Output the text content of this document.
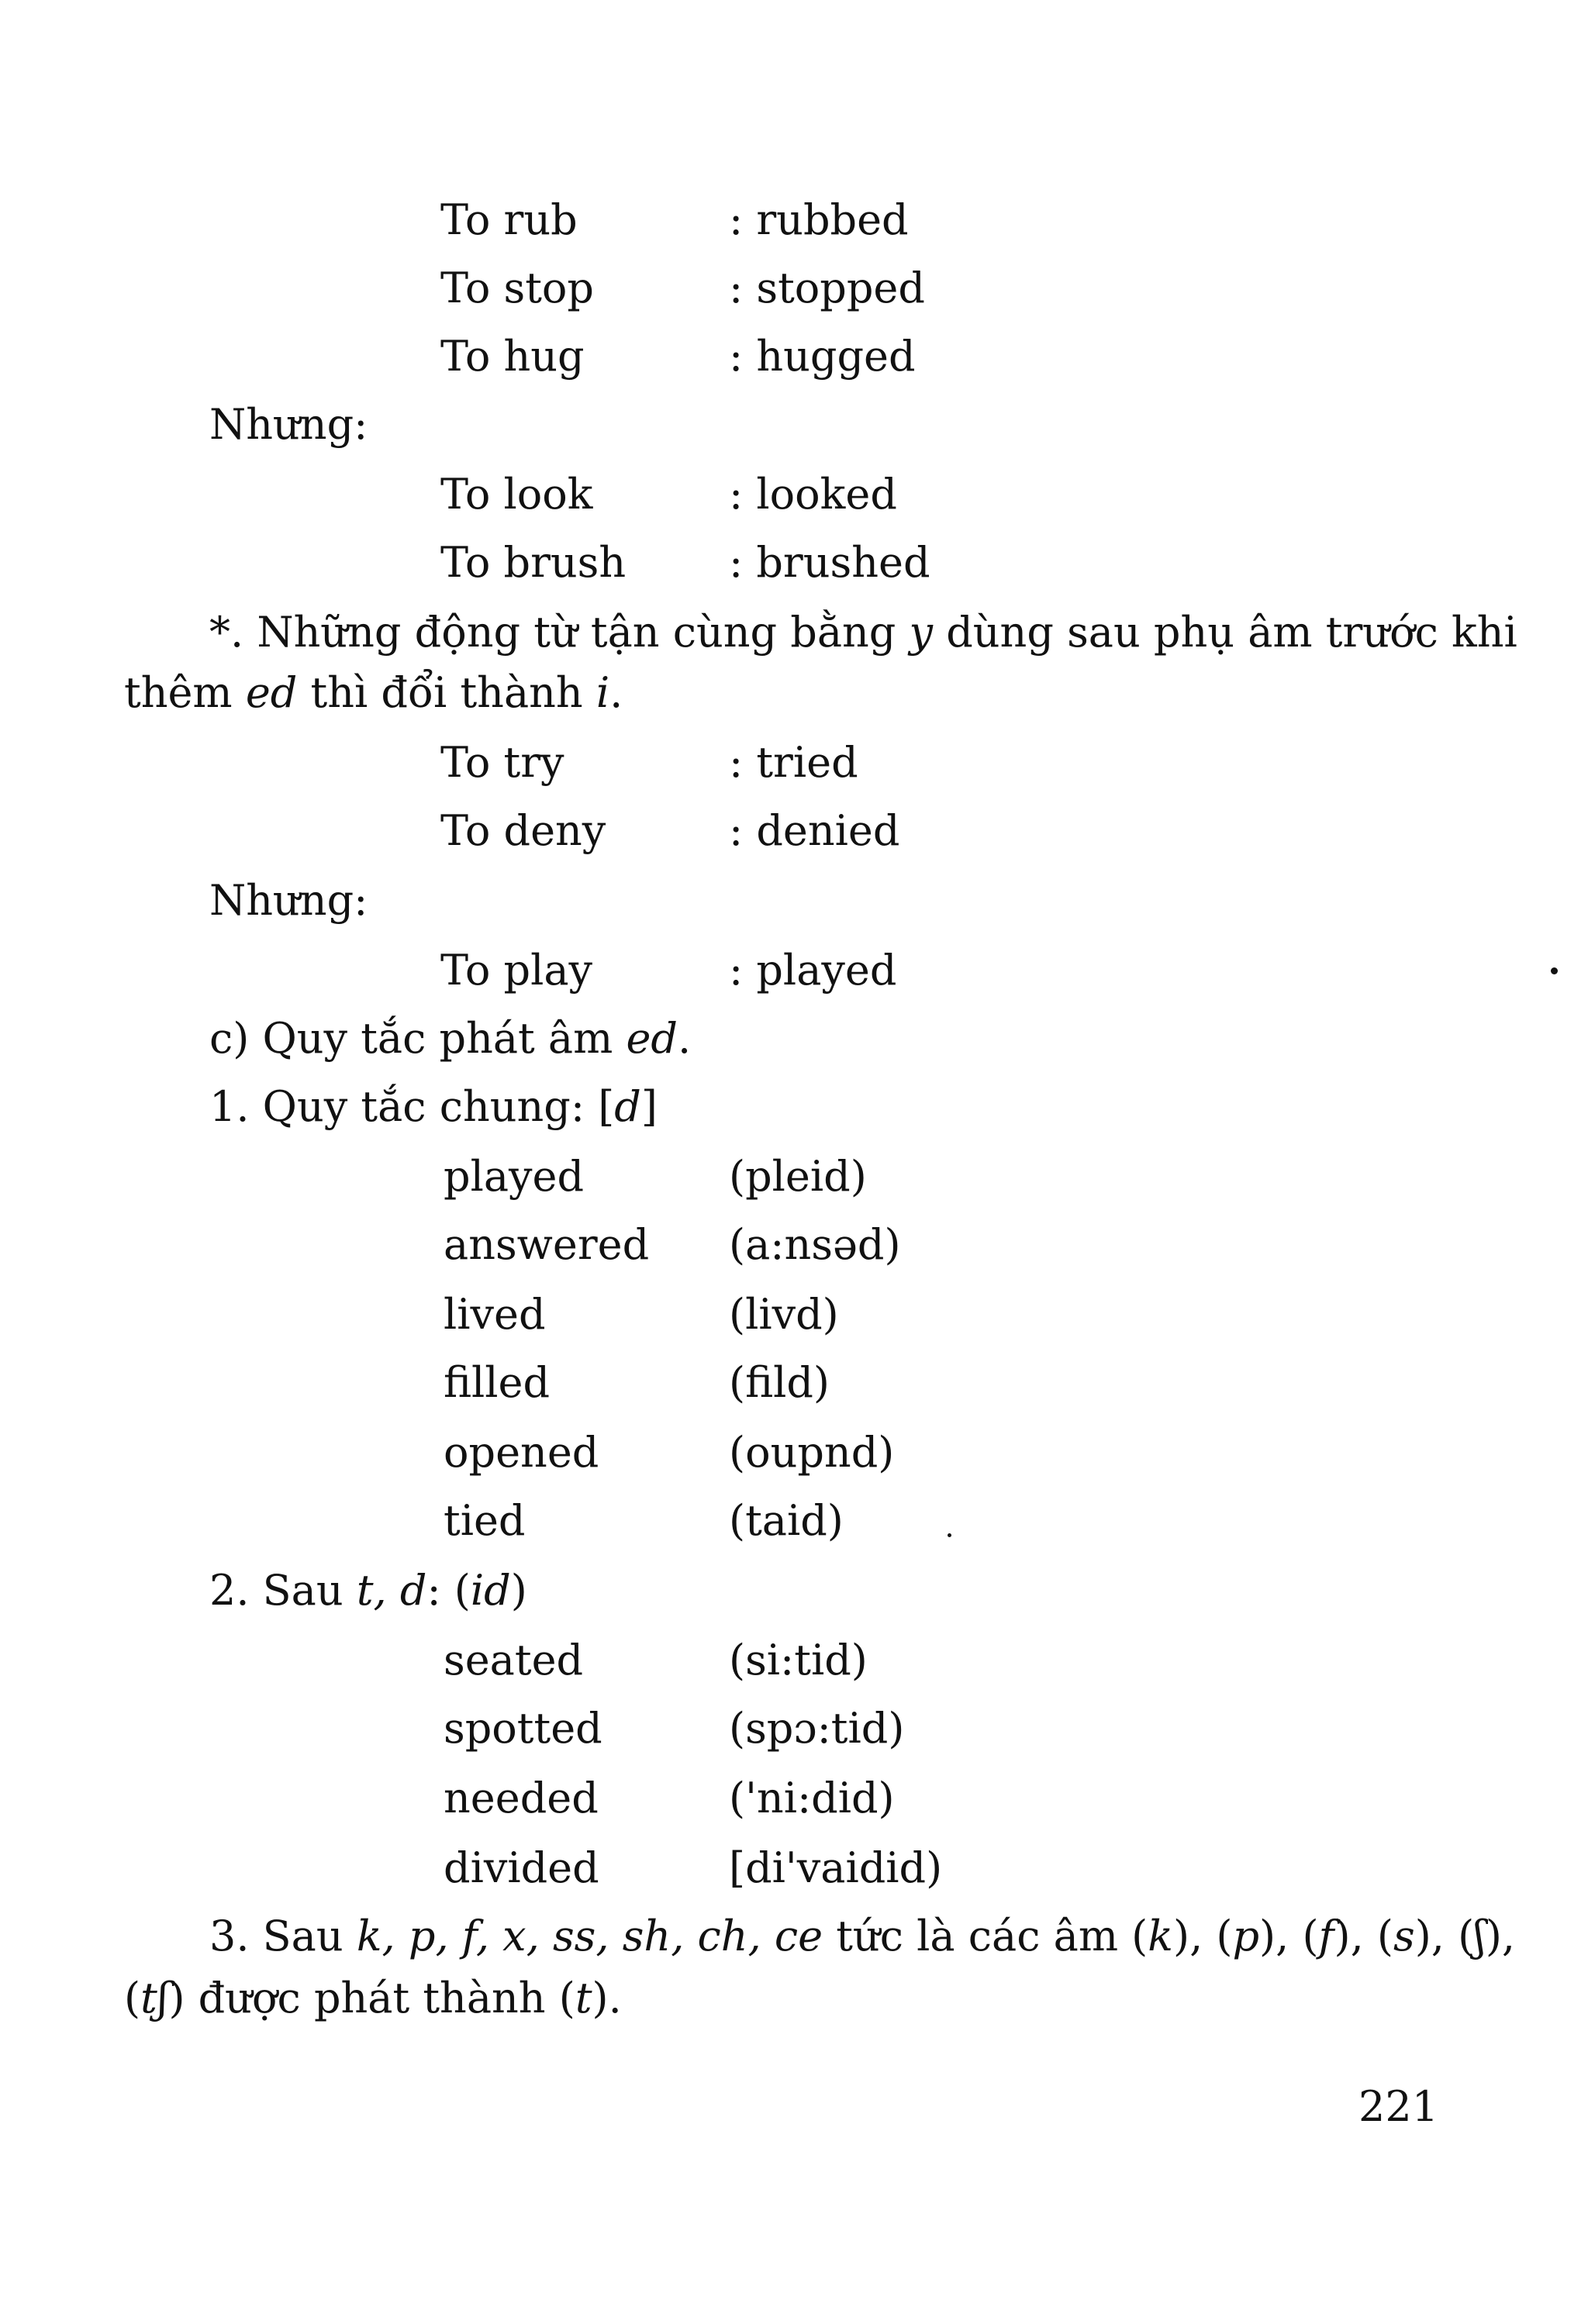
To rub	: rubbed
To stop	: stopped
To hug	: hugged
Nhưng:
To look	: looked
To brush : brushed
*. Những động từ tận cùng bằng y dùng sau phụ âm trước khi
thêm ed thì đổi thành i.
To try	: tried
To deny	: denied
Nhưng:
To play	: played
c) Quy tắc phát âm ed.
1. Quy tắc chung: [d]
played	(pleid)
answered (a:nsəd)
lived	(livd)
filled	(fild)
opened	(oupnd)
tied	(taid)
2. Sau t, d: (id)
seated	(si:tid)
spotted	(spɔ:tid)
needed	('ni:did)
divided	[di'vaidid)
3. Sau k, p, f, x, ss, sh, ch, ce tức là các âm (k), (p), (f), (s), (ʃ),
(tʃ) được phát thành (t).
221
